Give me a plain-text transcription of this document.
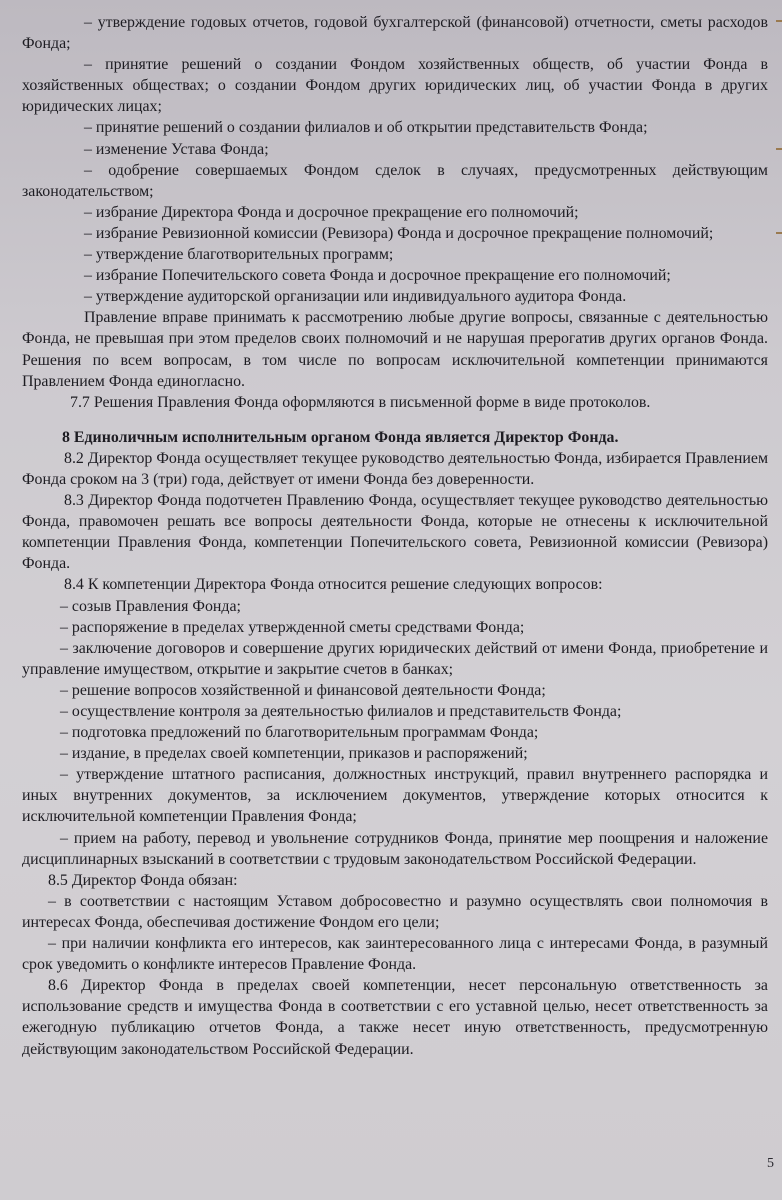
– утверждение годовых отчетов, годовой бухгалтерской (финансовой) отчетности, сметы расходов Фонда;

– принятие решений о создании Фондом хозяйственных обществ, об участии Фонда в хозяйственных обществах; о создании Фондом других юридических лиц, об участии Фонда в других юридических лицах;

– принятие решений о создании филиалов и об открытии представительств Фонда;

– изменение Устава Фонда;

– одобрение совершаемых Фондом сделок в случаях, предусмотренных действующим законодательством;

– избрание Директора Фонда и досрочное прекращение его полномочий;

– избрание Ревизионной комиссии (Ревизора) Фонда и досрочное прекращение полномочий;

– утверждение благотворительных программ;

– избрание Попечительского совета Фонда и досрочное прекращение его полномочий;

– утверждение аудиторской организации или индивидуального аудитора Фонда.

Правление вправе принимать к рассмотрению любые другие вопросы, связанные с деятельностью Фонда, не превышая при этом пределов своих полномочий и не нарушая прерогатив других органов Фонда. Решения по всем вопросам, в том числе по вопросам исключительной компетенции принимаются Правлением Фонда единогласно.

7.7 Решения Правления Фонда оформляются в письменной форме в виде протоколов.

8 Единоличным исполнительным органом Фонда является Директор Фонда.

8.2 Директор Фонда осуществляет текущее руководство деятельностью Фонда, избирается Правлением Фонда сроком на 3 (три) года, действует от имени Фонда без доверенности.

8.3 Директор Фонда подотчетен Правлению Фонда, осуществляет текущее руководство деятельностью Фонда, правомочен решать все вопросы деятельности Фонда, которые не отнесены к исключительной компетенции Правления Фонда, компетенции Попечительского совета, Ревизионной комиссии (Ревизора) Фонда.

8.4 К компетенции Директора Фонда относится решение следующих вопросов:

– созыв Правления Фонда;

– распоряжение в пределах утвержденной сметы средствами Фонда;

– заключение договоров и совершение других юридических действий от имени Фонда, приобретение и управление имуществом, открытие и закрытие счетов в банках;

– решение вопросов хозяйственной и финансовой деятельности Фонда;

– осуществление контроля за деятельностью филиалов и представительств Фонда;

– подготовка предложений по благотворительным программам Фонда;

– издание, в пределах своей компетенции, приказов и распоряжений;

– утверждение штатного расписания, должностных инструкций, правил внутреннего распорядка и иных внутренних документов, за исключением документов, утверждение которых относится к исключительной компетенции Правления Фонда;

– прием на работу, перевод и увольнение сотрудников Фонда, принятие мер поощрения и наложение дисциплинарных взысканий в соответствии с трудовым законодательством Российской Федерации.

8.5 Директор Фонда обязан:

– в соответствии с настоящим Уставом добросовестно и разумно осуществлять свои полномочия в интересах Фонда, обеспечивая достижение Фондом его цели;

– при наличии конфликта его интересов, как заинтересованного лица с интересами Фонда, в разумный срок уведомить о конфликте интересов Правление Фонда.

8.6 Директор Фонда в пределах своей компетенции, несет персональную ответственность за использование средств и имущества Фонда в соответствии с его уставной целью, несет ответственность за ежегодную публикацию отчетов Фонда, а также несет иную ответственность, предусмотренную действующим законодательством Российской Федерации.

5
